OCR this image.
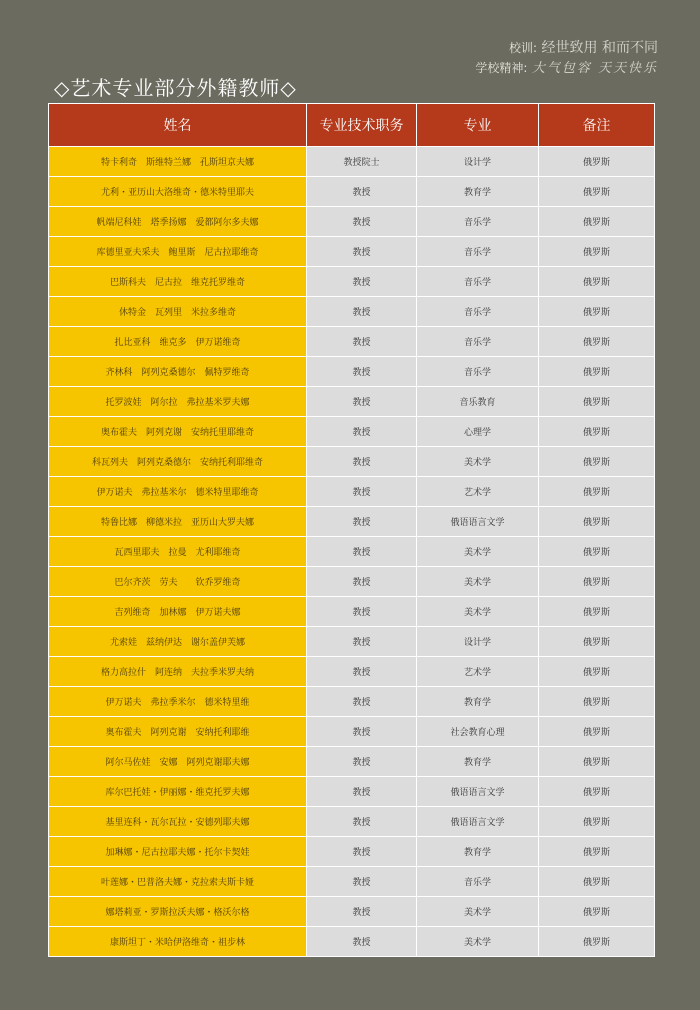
校训: 经世致用 和而不同
学校精神: 大气包容 天天快乐
◇艺术专业部分外籍教师◇
姓名	专业技术职务	专业	备注
特卡利奇　斯维特兰娜　孔斯坦京夫娜	教授院士	设计学	俄罗斯
尤利・亚历山大洛维奇・德米特里耶夫	教授	教育学	俄罗斯
帆端尼科娃　塔季扬娜　爱都阿尔多夫娜	教授	音乐学	俄罗斯
库德里亚夫采夫　鲍里斯　尼古拉耶维奇	教授	音乐学	俄罗斯
巴斯科夫　尼古拉　维克托罗维奇	教授	音乐学	俄罗斯
休特金　瓦列里　米拉多维奇	教授	音乐学	俄罗斯
扎比亚科　维克多　伊万诺维奇	教授	音乐学	俄罗斯
齐林科　阿列克桑德尔　佩特罗维奇	教授	音乐学	俄罗斯
托罗波娃　阿尔拉　弗拉基米罗夫娜	教授	音乐教育	俄罗斯
奥布霍夫　阿列克谢　安纳托里耶维奇	教授	心理学	俄罗斯
科瓦列夫　阿列克桑德尔　安纳托利耶维奇	教授	美术学	俄罗斯
伊万诺夫　弗拉基米尔　德米特里耶维奇	教授	艺术学	俄罗斯
特鲁比娜　柳德米拉　亚历山大罗夫娜	教授	俄语语言文学	俄罗斯
瓦西里耶夫　拉曼　尤利耶维奇	教授	美术学	俄罗斯
巴尔齐茨　劳夫　　钦乔罗维奇	教授	美术学	俄罗斯
吉列维奇　加林娜　伊万诺夫娜	教授	美术学	俄罗斯
尤索娃　兹纳伊达　谢尔盖伊芙娜	教授	设计学	俄罗斯
格力高拉什　阿连纳　夫拉季米罗夫纳	教授	艺术学	俄罗斯
伊万诺夫　弗拉季米尔　德米特里维	教授	教育学	俄罗斯
奥布霍夫　阿列克谢　安纳托利耶维	教授	社会教育心理	俄罗斯
阿尔马佐娃　安娜　阿列克谢耶夫娜	教授	教育学	俄罗斯
库尔巴托娃・伊丽娜・维克托罗夫娜	教授	俄语语言文学	俄罗斯
基里连科・瓦尔瓦拉・安德列耶夫娜	教授	俄语语言文学	俄罗斯
加琳娜・尼古拉耶夫娜・托尔卡契娃	教授	教育学	俄罗斯
叶莲娜・巴普洛夫娜・克拉索夫斯卡娅	教授	音乐学	俄罗斯
娜塔莉亚・罗斯拉沃夫娜・格沃尔格	教授	美术学	俄罗斯
康斯坦丁・米哈伊洛维奇・祖步林	教授	美术学	俄罗斯
